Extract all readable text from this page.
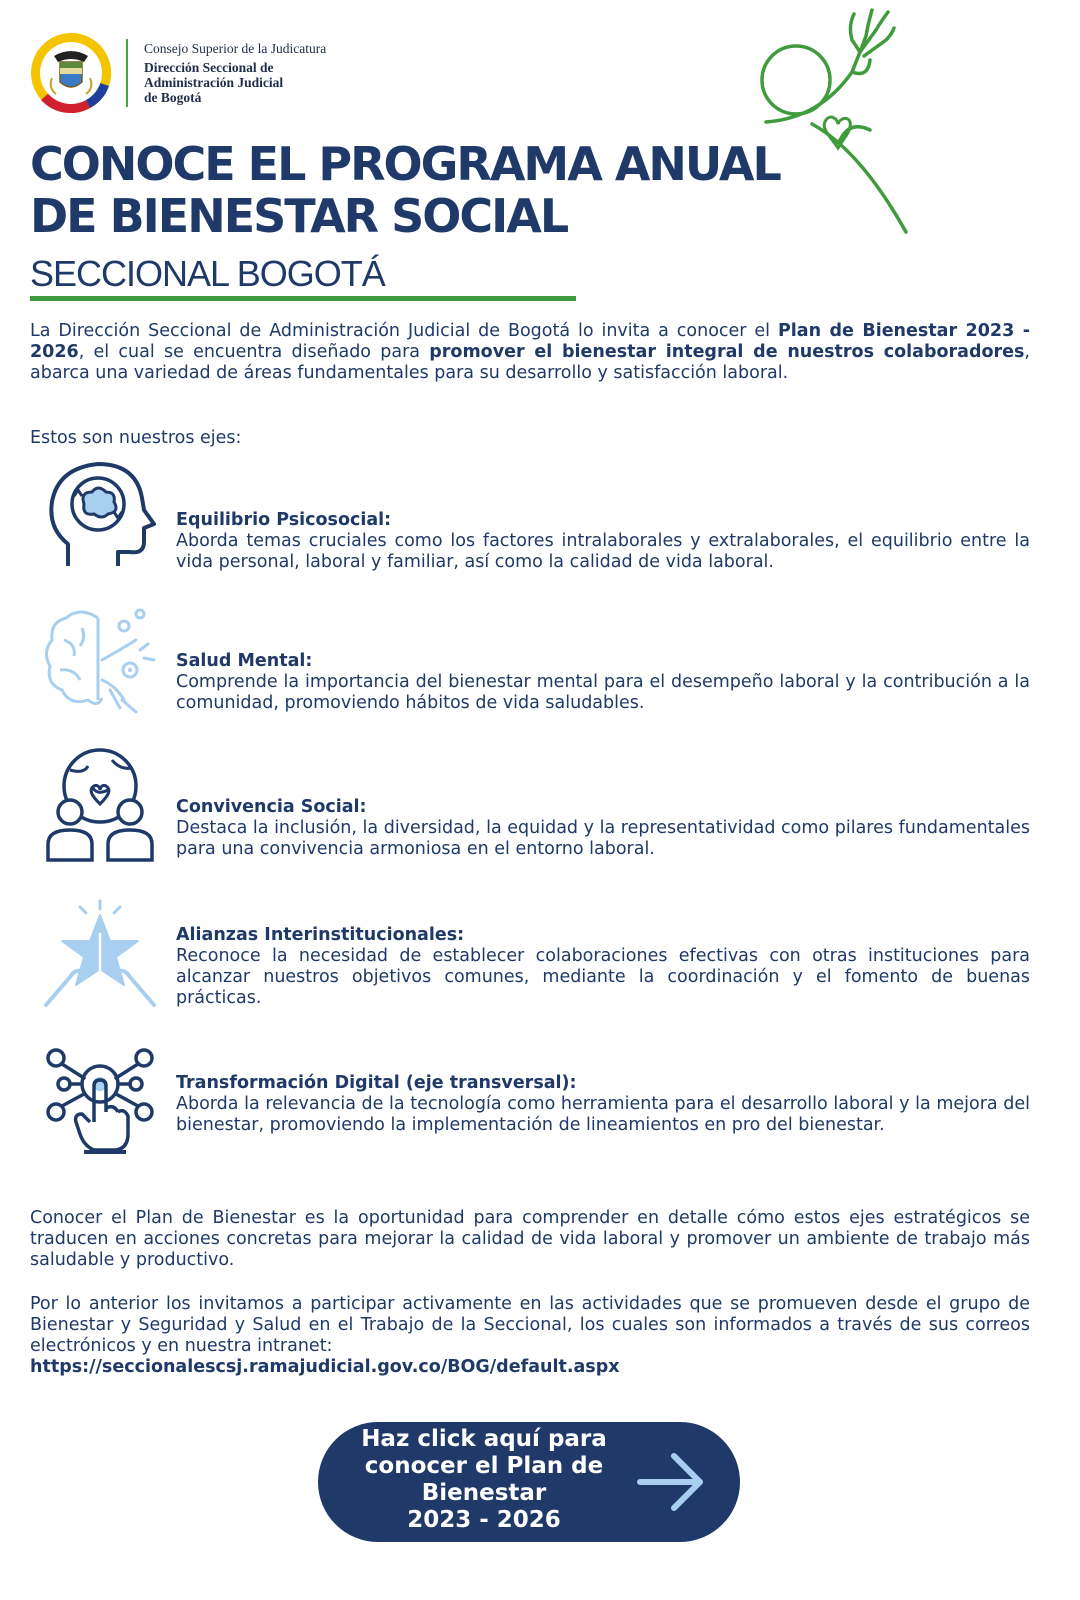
Consejo Superior de la Judicatura
Dirección Seccional de
Administración Judicial
de Bogotá
CONOCE EL PROGRAMA ANUAL DE BIENESTAR SOCIAL
SECCIONAL BOGOTÁ

La Dirección Seccional de Administración Judicial de Bogotá lo invita a conocer el Plan de Bienestar 2023 - 2026, el cual se encuentra diseñado para promover el bienestar integral de nuestros colaboradores, abarca una variedad de áreas fundamentales para su desarrollo y satisfacción laboral.

Estos son nuestros ejes:

Equilibrio Psicosocial:

Aborda temas cruciales como los factores intralaborales y extralaborales, el equilibrio entre la vida personal, laboral y familiar, así como la calidad de vida laboral.

Salud Mental:

Comprende la importancia del bienestar mental para el desempeño laboral y la contribución a la comunidad, promoviendo hábitos de vida saludables.

Convivencia Social:

Destaca la inclusión, la diversidad, la equidad y la representatividad como pilares fundamentales para una convivencia armoniosa en el entorno laboral.

Alianzas Interinstitucionales:

Reconoce la necesidad de establecer colaboraciones efectivas con otras instituciones para alcanzar nuestros objetivos comunes, mediante la coordinación y el fomento de buenas prácticas.

Transformación Digital (eje transversal):

Aborda la relevancia de la tecnología como herramienta para el desarrollo laboral y la mejora del bienestar, promoviendo la implementación de lineamientos en pro del bienestar.

Conocer el Plan de Bienestar es la oportunidad para comprender en detalle cómo estos ejes estratégicos se traducen en acciones concretas para mejorar la calidad de vida laboral y promover un ambiente de trabajo más saludable y productivo.

Por lo anterior los invitamos a participar activamente en las actividades que se promueven desde el grupo de Bienestar y Seguridad y Salud en el Trabajo de la Seccional, los cuales son informados a través de sus correos electrónicos y en nuestra intranet:
https://seccionalescsj.ramajudicial.gov.co/BOG/default.aspx

Haz click aquí para
conocer el Plan de
Bienestar
2023 - 2026
